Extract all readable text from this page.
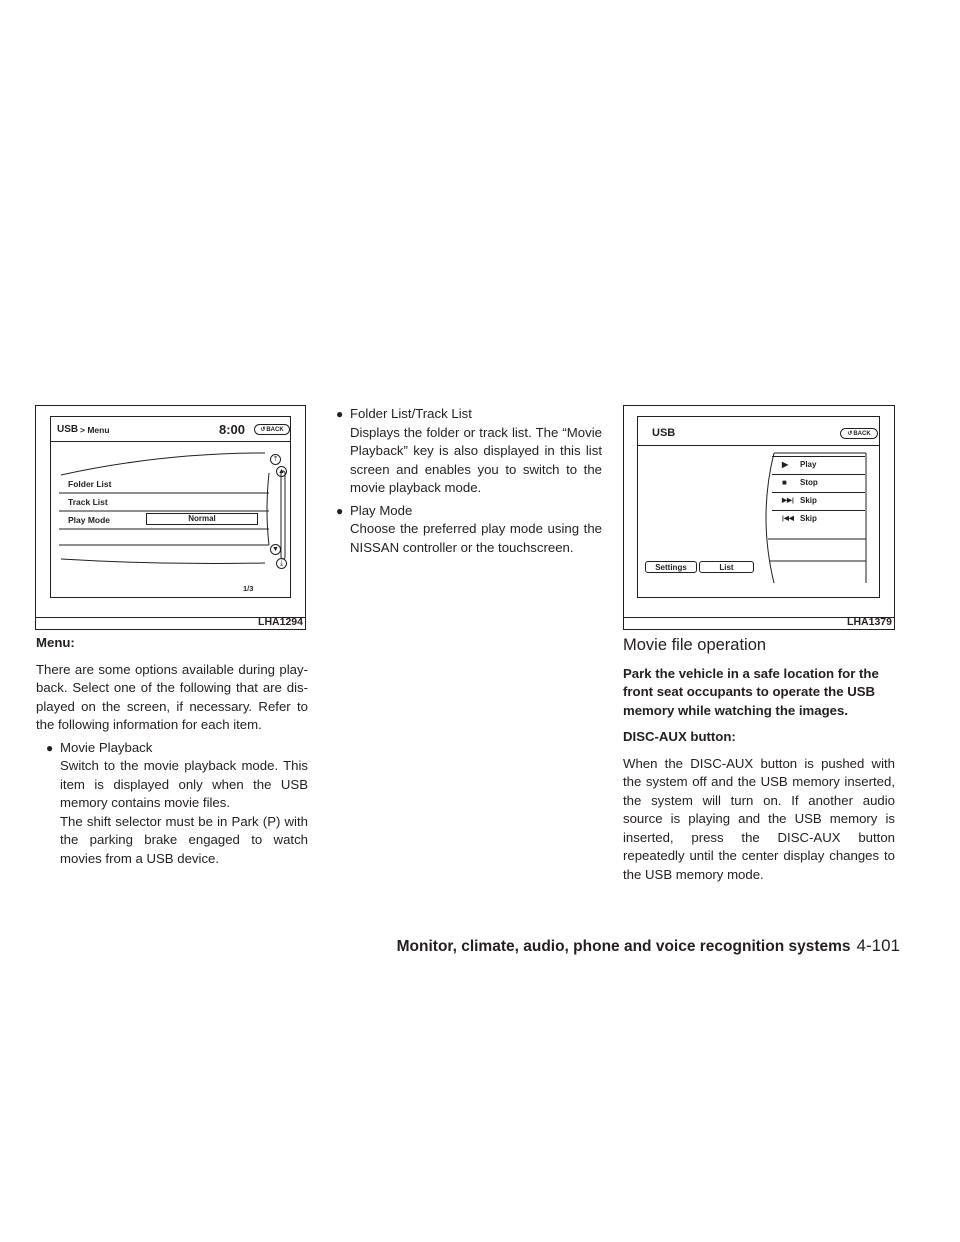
USB > Menu	8:00	↺ BACK
Folder List
Track List
Play Mode	Normal
⤒
▲
▼
⤓
1/3
LHA1294
USB	↺ BACK
LHA1379
▶ Play
■ Stop
▶▶| Skip
|◀◀ Skip
Settings	List

Menu:

There are some options available during play-back. Select one of the following that are dis-played on the screen, if necessary. Refer to the following information for each item.

● Movie Playback

Switch to the movie playback mode. This item is displayed only when the USB memory contains movie files.

The shift selector must be in Park (P) with the parking brake engaged to watch movies from a USB device.

● Folder List/Track List

Displays the folder or track list. The “Movie Playback” key is also displayed in this list screen and enables you to switch to the movie playback mode.

● Play Mode

Choose the preferred play mode using the NISSAN controller or the touchscreen.

Movie file operation

Park the vehicle in a safe location for the front seat occupants to operate the USB memory while watching the images.

DISC-AUX button:

When the DISC-AUX button is pushed with the system off and the USB memory inserted, the system will turn on. If another audio source is playing and the USB memory is inserted, press the DISC-AUX button repeatedly until the center display changes to the USB memory mode.

Monitor, climate, audio, phone and voice recognition systems 4-101
